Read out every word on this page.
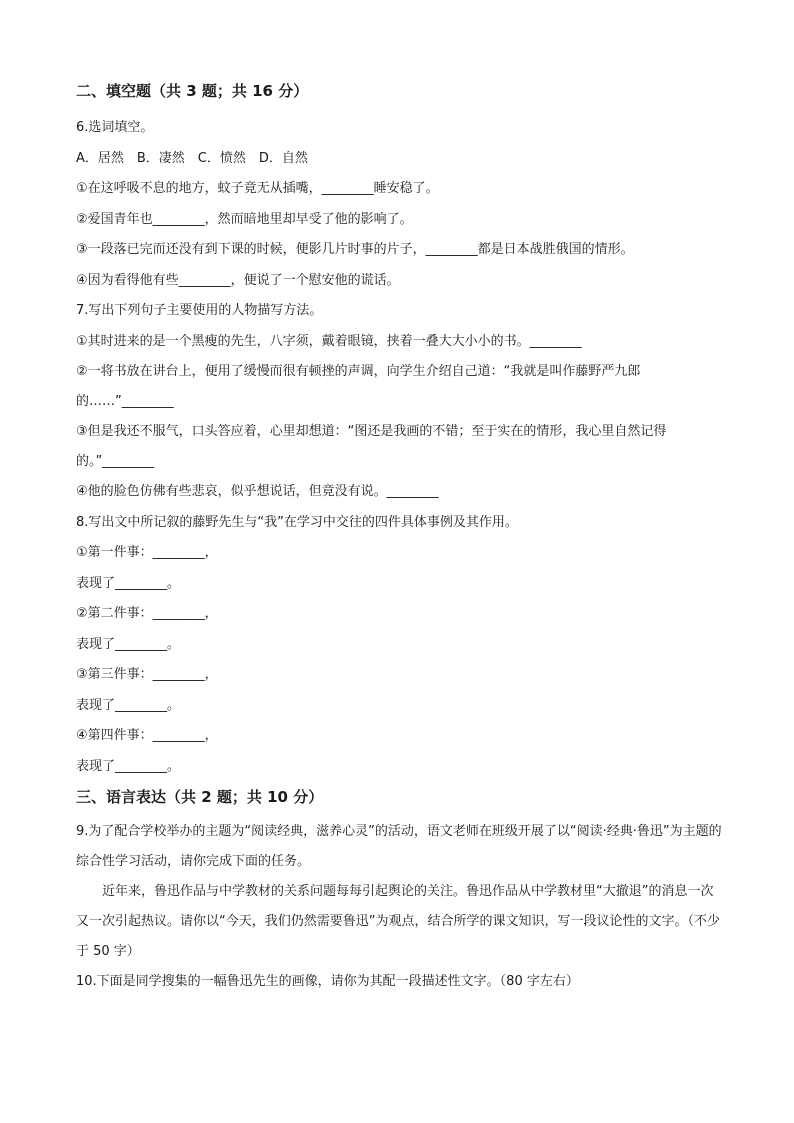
二、填空题（共 3 题；共 16 分）

6.选词填空。

A．居然　B．凄然　C．愤然　D．自然

①在这呼吸不息的地方，蚊子竟无从插嘴，________睡安稳了。

②爱国青年也________，然而暗地里却早受了他的影响了。

③一段落已完而还没有到下课的时候，便影几片时事的片子，________都是日本战胜俄国的情形。

④因为看得他有些________，便说了一个慰安他的谎话。

7.写出下列句子主要使用的人物描写方法。

①其时进来的是一个黑瘦的先生，八字须，戴着眼镜，挟着一叠大大小小的书。________

②一将书放在讲台上，便用了缓慢而很有顿挫的声调，向学生介绍自己道：“我就是叫作藤野严九郎的……”________

③但是我还不服气，口头答应着，心里却想道：“图还是我画的不错；至于实在的情形，我心里自然记得的。”________

④他的脸色仿佛有些悲哀，似乎想说话，但竟没有说。________

8.写出文中所记叙的藤野先生与“我”在学习中交往的四件具体事例及其作用。

①第一件事：________，

表现了________。

②第二件事：________，

表现了________。

③第三件事：________，

表现了________。

④第四件事：________，

表现了________。

三、语言表达（共 2 题；共 10 分）

9.为了配合学校举办的主题为“阅读经典，滋养心灵”的活动，语文老师在班级开展了以“阅读·经典·鲁迅”为主题的综合性学习活动，请你完成下面的任务。

近年来，鲁迅作品与中学教材的关系问题每每引起舆论的关注。鲁迅作品从中学教材里“大撤退”的消息一次又一次引起热议。请你以“今天，我们仍然需要鲁迅”为观点，结合所学的课文知识，写一段议论性的文字。（不少于 50 字）

10.下面是同学搜集的一幅鲁迅先生的画像，请你为其配一段描述性文字。（80 字左右）
